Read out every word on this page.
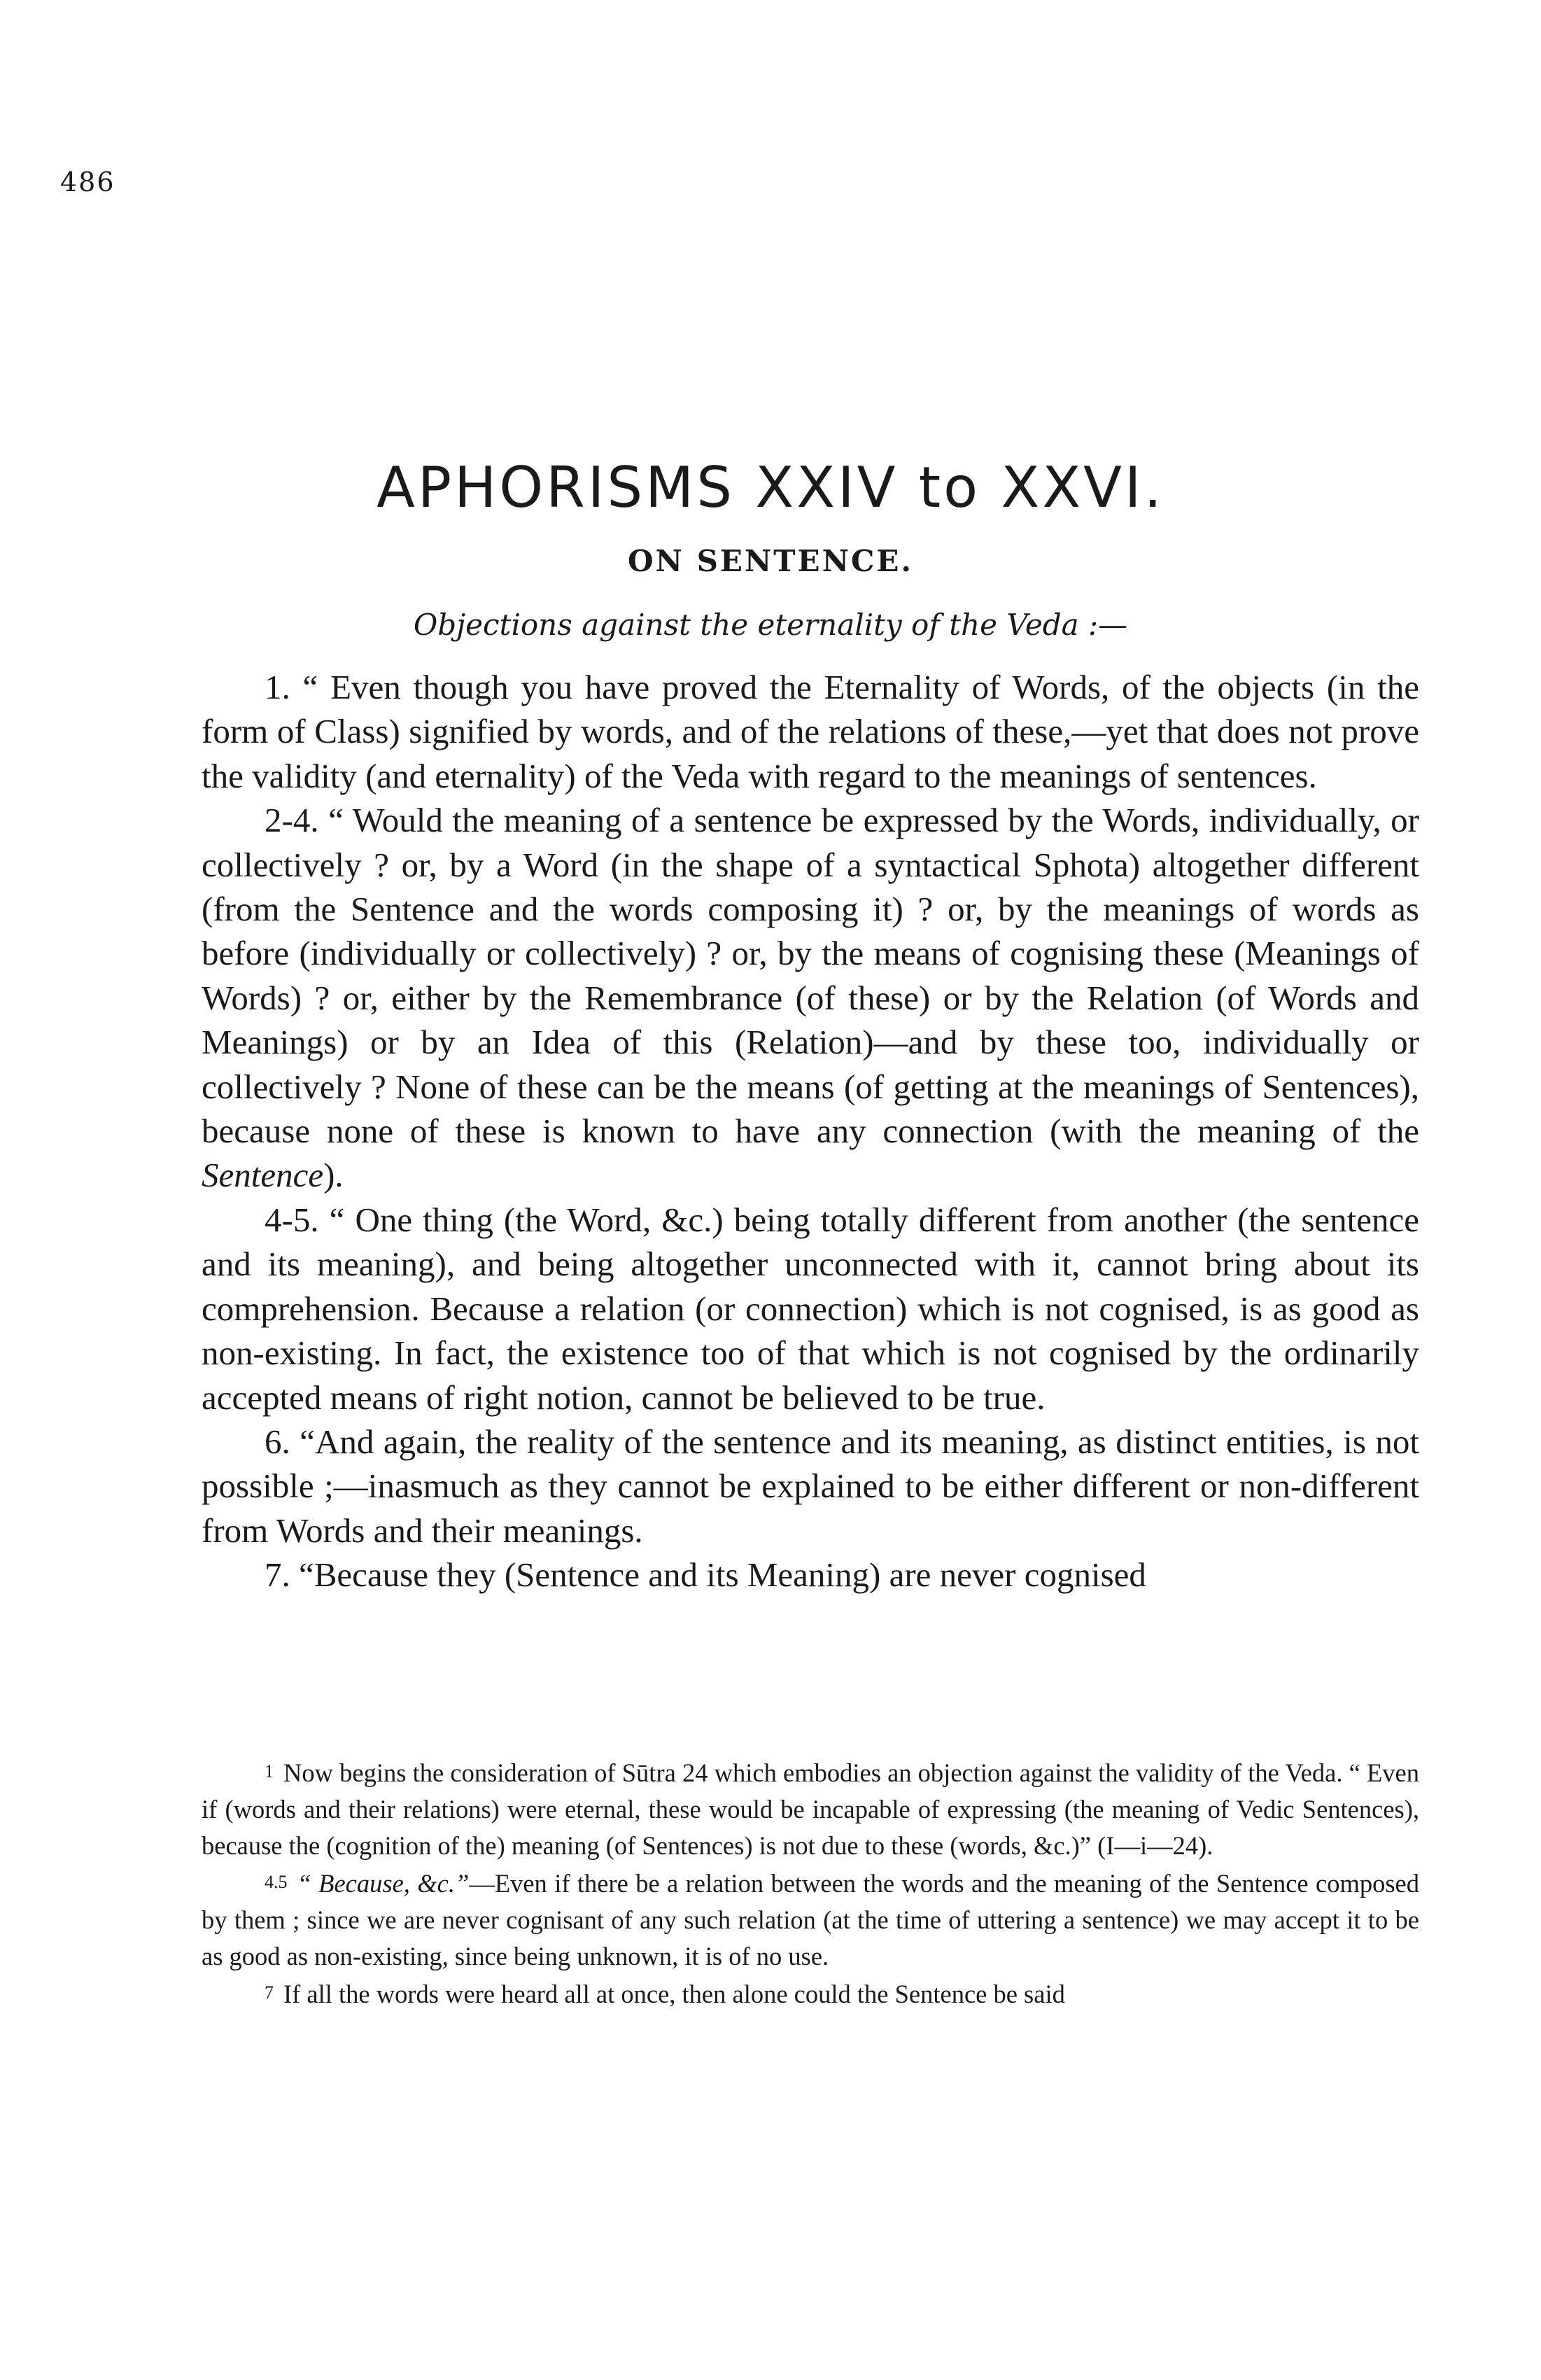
486
APHORISMS XXIV to XXVI.
ON SENTENCE.
Objections against the eternality of the Veda :—

1. “ Even though you have proved the Eternality of Words, of the objects (in the form of Class) signified by words, and of the relations of these,—yet that does not prove the validity (and eternality) of the Veda with regard to the meanings of sentences.

2-4. “ Would the meaning of a sentence be expressed by the Words, individually, or collectively ? or, by a Word (in the shape of a syntactical Sphota) altogether different (from the Sentence and the words composing it) ? or, by the meanings of words as before (individually or collectively) ? or, by the means of cognising these (Meanings of Words) ? or, either by the Remembrance (of these) or by the Relation (of Words and Meanings) or by an Idea of this (Relation)—and by these too, individually or collectively ? None of these can be the means (of getting at the meanings of Sentences), because none of these is known to have any connection (with the meaning of the Sentence).

4-5. “ One thing (the Word, &c.) being totally different from another (the sentence and its meaning), and being altogether unconnected with it, cannot bring about its comprehension. Because a relation (or connection) which is not cognised, is as good as non-existing. In fact, the existence too of that which is not cognised by the ordinarily accepted means of right notion, cannot be believed to be true.

6. “And again, the reality of the sentence and its meaning, as distinct entities, is not possible ;—inasmuch as they cannot be explained to be either different or non-different from Words and their meanings.

7. “Because they (Sentence and its Meaning) are never cognised

1 Now begins the consideration of Sūtra 24 which embodies an objection against the validity of the Veda. “ Even if (words and their relations) were eternal, these would be incapable of expressing (the meaning of Vedic Sentences), because the (cognition of the) meaning (of Sentences) is not due to these (words, &c.)” (I—i—24).

4.5 “ Because, &c.”—Even if there be a relation between the words and the meaning of the Sentence composed by them ; since we are never cognisant of any such relation (at the time of uttering a sentence) we may accept it to be as good as non-existing, since being unknown, it is of no use.

7 If all the words were heard all at once, then alone could the Sentence be said
